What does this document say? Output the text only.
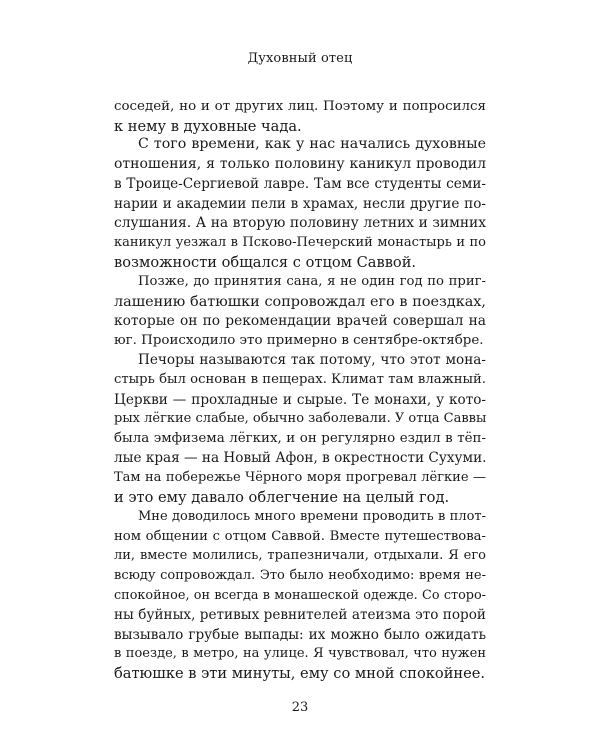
Духовный отец
соседей, но и от других лиц. Поэтому и попросился
к нему в духовные чада.
С того времени, как у нас начались духовные
отношения, я только половину каникул проводил
в Троице-Сергиевой лавре. Там все студенты семи-
нарии и академии пели в храмах, несли другие по-
слушания. А на вторую половину летних и зимних
каникул уезжал в Псково-Печерский монастырь и по
возможности общался с отцом Саввой.
Позже, до принятия сана, я не один год по приг-
лашению батюшки сопровождал его в поездках,
которые он по рекомендации врачей совершал на
юг. Происходило это примерно в сентябре-октябре.
Печоры называются так потому, что этот мона-
стырь был основан в пещерах. Климат там влажный.
Церкви — прохладные и сырые. Те монахи, у кото-
рых лёгкие слабые, обычно заболевали. У отца Саввы
была эмфизема лёгких, и он регулярно ездил в тёп-
лые края — на Новый Афон, в окрестности Сухуми.
Там на побережье Чёрного моря прогревал лёгкие —
и это ему давало облегчение на целый год.
Мне доводилось много времени проводить в плот-
ном общении с отцом Саввой. Вместе путешествова-
ли, вместе молились, трапезничали, отдыхали. Я его
всюду сопровождал. Это было необходимо: время не-
спокойное, он всегда в монашеской одежде. Со сторо-
ны буйных, ретивых ревнителей атеизма это порой
вызывало грубые выпады: их можно было ожидать
в поезде, в метро, на улице. Я чувствовал, что нужен
батюшке в эти минуты, ему со мной спокойнее.
23
